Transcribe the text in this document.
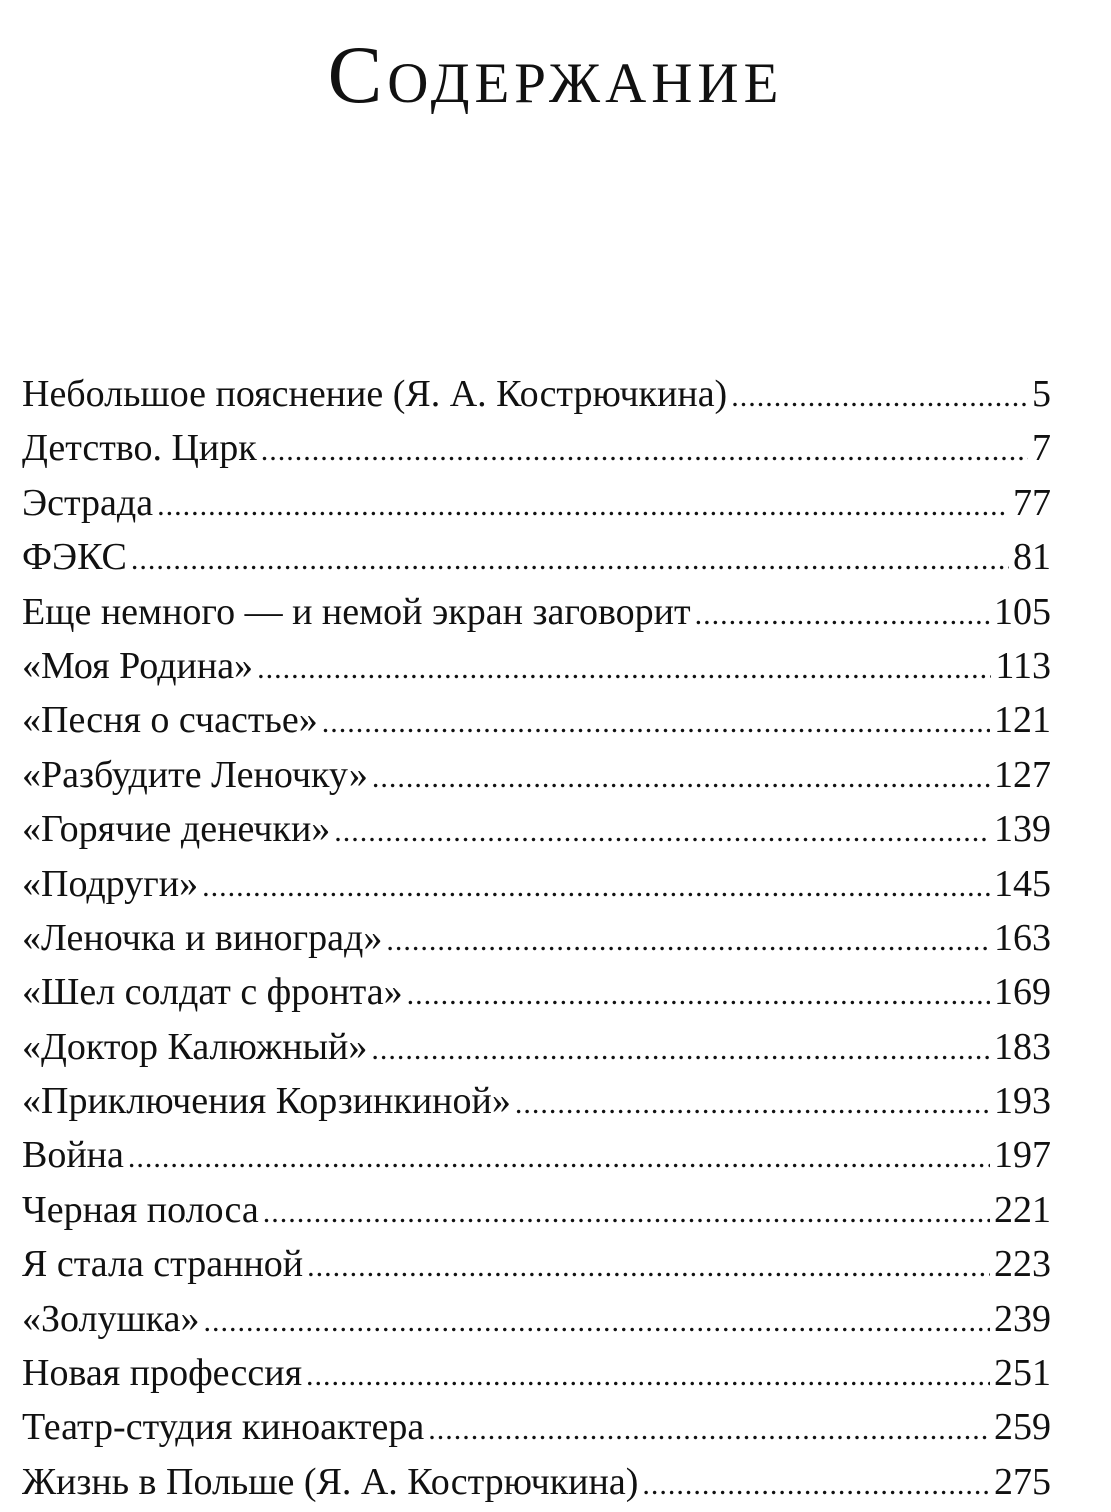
Содержание
Небольшое пояснение (Я. А. Кострючкина) .....	5
Детство. Цирк .....	7
Эстрада .....	77
ФЭКС .....	81
Еще немного — и немой экран заговорит .....	105
«Моя Родина» .....	113
«Песня о счастье» .....	121
«Разбудите Леночку» .....	127
«Горячие денечки» .....	139
«Подруги» .....	145
«Леночка и виноград» .....	163
«Шел солдат с фронта» .....	169
«Доктор Калюжный» .....	183
«Приключения Корзинкиной» .....	193
Война .....	197
Черная полоса .....	221
Я стала странной .....	223
«Золушка» .....	239
Новая профессия .....	251
Театр-студия киноактера .....	259
Жизнь в Польше (Я. А. Кострючкина) .....	275
